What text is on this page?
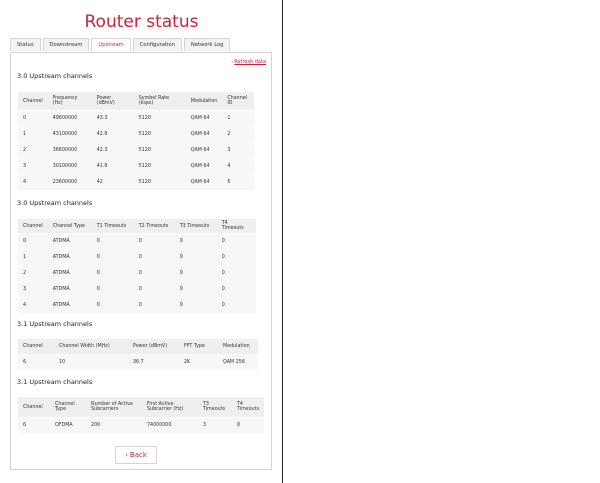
Router status
Status	Downstream	Upstream	Configuration	Network Log
›Refresh data
3.0 Upstream channels
Channel	Frequency (Hz)	Power (dBmV)	Symbol Rate (ksps)	Modulation	Channel ID
0	49600000	43.3	5120	QAM 64	1
1	43100000	42.8	5120	QAM 64	2
2	36600000	42.3	5120	QAM 64	3
3	30100000	41.8	5120	QAM 64	4
4	23600000	42	5120	QAM 64	5
3.0 Upstream channels
Channel	Channel Type	T1 Timeouts	T2 Timeouts	T3 Timeouts	T4 Timeouts
0	ATDMA	0	0	0	0
1	ATDMA	0	0	0	0
2	ATDMA	0	0	0	0
3	ATDMA	0	0	0	0
4	ATDMA	0	0	0	0
3.1 Upstream channels
Channel	Channel Width (MHz)	Power (dBmV)	FFT Type	Modulation
6	10	36.7	2K	QAM 256
3.1 Upstream channels
Channel	Channel Type	Number of Active Subcarriers	First Active Subcarrier (Hz)	T3 Timeouts	T4 Timeouts
6	OFDMA	200	74000000	3	0
‹ Back
